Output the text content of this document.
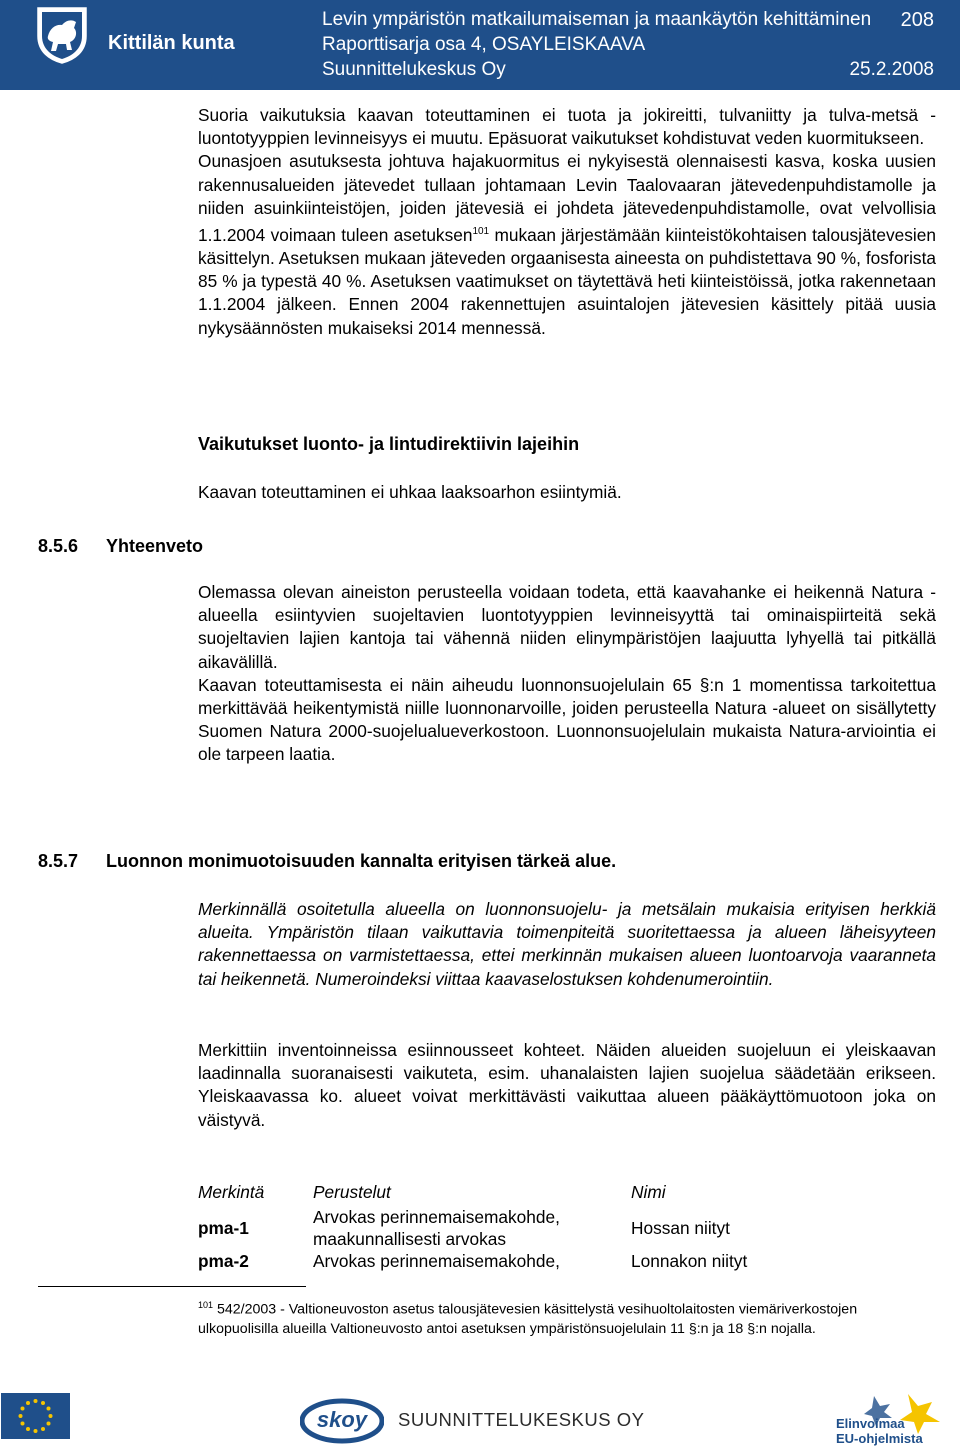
Kittilän kunta
Levin ympäristön matkailumaiseman ja maankäytön kehittäminen
Raporttisarja osa 4, OSAYLEISKAAVA
Suunnittelukeskus Oy
208
25.2.2008

Suoria vaikutuksia kaavan toteuttaminen ei tuota ja jokireitti, tulvaniitty ja tulva-metsä -luontotyyppien levinneisyys ei muutu. Epäsuorat vaikutukset kohdistuvat veden kuormitukseen.

Ounasjoen asutuksesta johtuva hajakuormitus ei nykyisestä olennaisesti kasva, koska uusien rakennusalueiden jätevedet tullaan johtamaan Levin Taalovaaran jätevedenpuhdistamolle ja niiden asuinkiinteistöjen, joiden jätevesiä ei johdeta jätevedenpuhdistamolle, ovat velvollisia 1.1.2004 voimaan tuleen asetuksen$^{101}$ mukaan järjestämään kiinteistökohtaisen talousjätevesien käsittelyn. Asetuksen mukaan jäteveden orgaanisesta aineesta on puhdistettava 90 %, fosforista 85 % ja typestä 40 %. Asetuksen vaatimukset on täytettävä heti kiinteistöissä, jotka rakennetaan 1.1.2004 jälkeen. Ennen 2004 rakennettujen asuintalojen jätevesien käsittely pitää uusia nykysäännösten mukaiseksi 2014 mennessä.

Vaikutukset luonto- ja lintudirektiivin lajeihin

Kaavan toteuttaminen ei uhkaa laaksoarhon esiintymiä.

8.5.6 Yhteenveto

Olemassa olevan aineiston perusteella voidaan todeta, että kaavahanke ei heikennä Natura -alueella esiintyvien suojeltavien luontotyyppien levinneisyyttä tai ominaispiirteitä sekä suojeltavien lajien kantoja tai vähennä niiden elinympäristöjen laajuutta lyhyellä tai pitkällä aikavälillä.

Kaavan toteuttamisesta ei näin aiheudu luonnonsuojelulain 65 §:n 1 momentissa tarkoitettua merkittävää heikentymistä niille luonnonarvoille, joiden perusteella Natura -alueet on sisällytetty Suomen Natura 2000-suojelualueverkostoon. Luonnonsuojelulain mukaista Natura-arviointia ei ole tarpeen laatia.

8.5.7 Luonnon monimuotoisuuden kannalta erityisen tärkeä alue.

Merkinnällä osoitetulla alueella on luonnonsuojelu- ja metsälain mukaisia erityisen herkkiä alueita. Ympäristön tilaan vaikuttavia toimenpiteitä suoritettaessa ja alueen läheisyyteen rakennettaessa on varmistettaessa, ettei merkinnän mukaisen alueen luontoarvoja vaaranneta tai heikennetä. Numeroindeksi viittaa kaavaselostuksen kohdenumerointiin.

Merkittiin inventoinneissa esiinnousseet kohteet. Näiden alueiden suojeluun ei yleiskaavan laadinnalla suoranaisesti vaikuteta, esim. uhanalaisten lajien suojelua säädetään erikseen. Yleiskaavassa ko. alueet voivat merkittävästi vaikuttaa alueen pääkäyttömuotoon joka on väistyvä.

Merkintä	Perustelut	Nimi
pma-1	Arvokas perinnemaisemakohde, maakunnallisesti arvokas	Hossan niityt
pma-2	Arvokas perinnemaisemakohde,	Lonnakon niityt
$^{101}$ 542/2003 - Valtioneuvoston asetus talousjätevesien käsittelystä vesihuoltolaitosten viemäriverkostojen ulkopuolisilla alueilla Valtioneuvosto antoi asetuksen ympäristönsuojelulain 11 §:n ja 18 §:n nojalla.
skoy SUUNNITTELUKESKUS OY	Elinvoimaa
EU-ohjelmista
